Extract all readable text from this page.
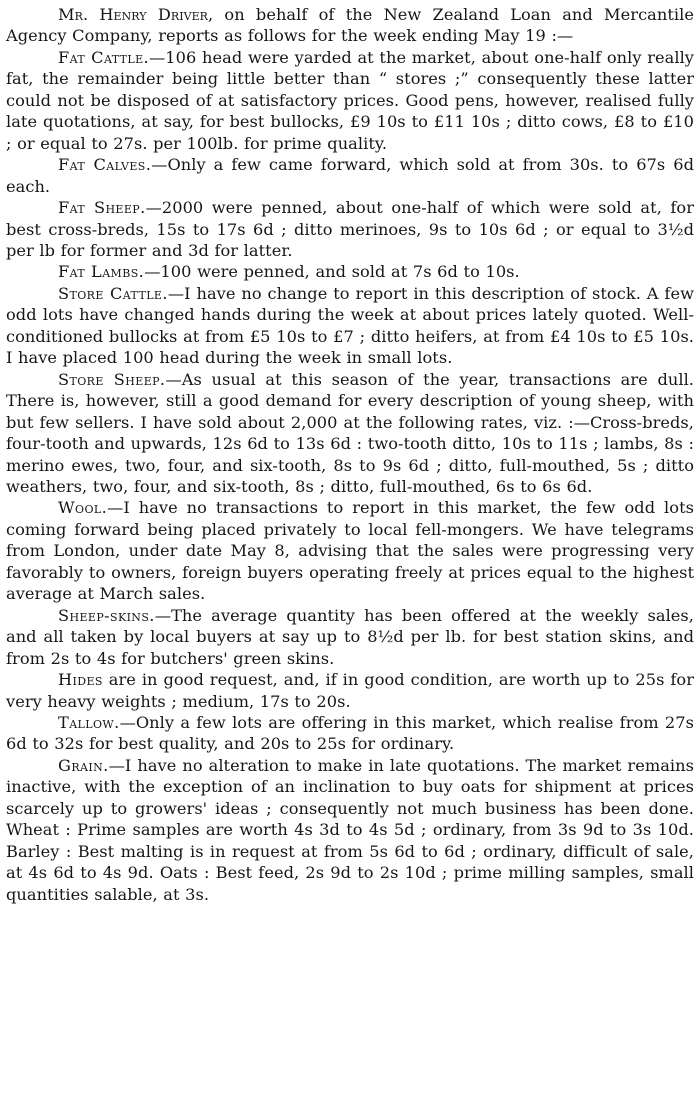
Mr. Henry Driver, on behalf of the New Zealand Loan and Mercantile Agency Company, reports as follows for the week ending May 19 :—

Fat Cattle.—106 head were yarded at the market, about one-half only really fat, the remainder being little better than “ stores ;” consequently these latter could not be disposed of at satisfactory prices. Good pens, however, realised fully late quotations, at say, for best bullocks, £9 10s to £11 10s ; ditto cows, £8 to £10 ; or equal to 27s. per 100lb. for prime quality.

Fat Calves.—Only a few came forward, which sold at from 30s. to 67s 6d each.

Fat Sheep.—2000 were penned, about one-half of which were sold at, for best cross-breds, 15s to 17s 6d ; ditto merinoes, 9s to 10s 6d ; or equal to 3½d per lb for former and 3d for latter.

Fat Lambs.—100 were penned, and sold at 7s 6d to 10s.

Store Cattle.—I have no change to report in this description of stock. A few odd lots have changed hands during the week at about prices lately quoted. Well-conditioned bullocks at from £5 10s to £7 ; ditto heifers, at from £4 10s to £5 10s. I have placed 100 head during the week in small lots.

Store Sheep.—As usual at this season of the year, transactions are dull. There is, however, still a good demand for every description of young sheep, with but few sellers. I have sold about 2,000 at the following rates, viz. :—Cross-breds, four-tooth and upwards, 12s 6d to 13s 6d : two-tooth ditto, 10s to 11s ; lambs, 8s : merino ewes, two, four, and six-tooth, 8s to 9s 6d ; ditto, full-mouthed, 5s ; ditto weathers, two, four, and six-tooth, 8s ; ditto, full-mouthed, 6s to 6s 6d.

Wool.—I have no transactions to report in this market, the few odd lots coming forward being placed privately to local fell-mongers. We have telegrams from London, under date May 8, advising that the sales were progressing very favorably to owners, foreign buyers operating freely at prices equal to the highest average at March sales.

Sheep-skins.—The average quantity has been offered at the weekly sales, and all taken by local buyers at say up to 8½d per lb. for best station skins, and from 2s to 4s for butchers' green skins.

Hides are in good request, and, if in good condition, are worth up to 25s for very heavy weights ; medium, 17s to 20s.

Tallow.—Only a few lots are offering in this market, which realise from 27s 6d to 32s for best quality, and 20s to 25s for ordinary.

Grain.—I have no alteration to make in late quotations. The market remains inactive, with the exception of an inclination to buy oats for shipment at prices scarcely up to growers' ideas ; consequently not much business has been done. Wheat : Prime samples are worth 4s 3d to 4s 5d ; ordinary, from 3s 9d to 3s 10d. Barley : Best malting is in request at from 5s 6d to 6d ; ordinary, difficult of sale, at 4s 6d to 4s 9d. Oats : Best feed, 2s 9d to 2s 10d ; prime milling samples, small quantities salable, at 3s.
